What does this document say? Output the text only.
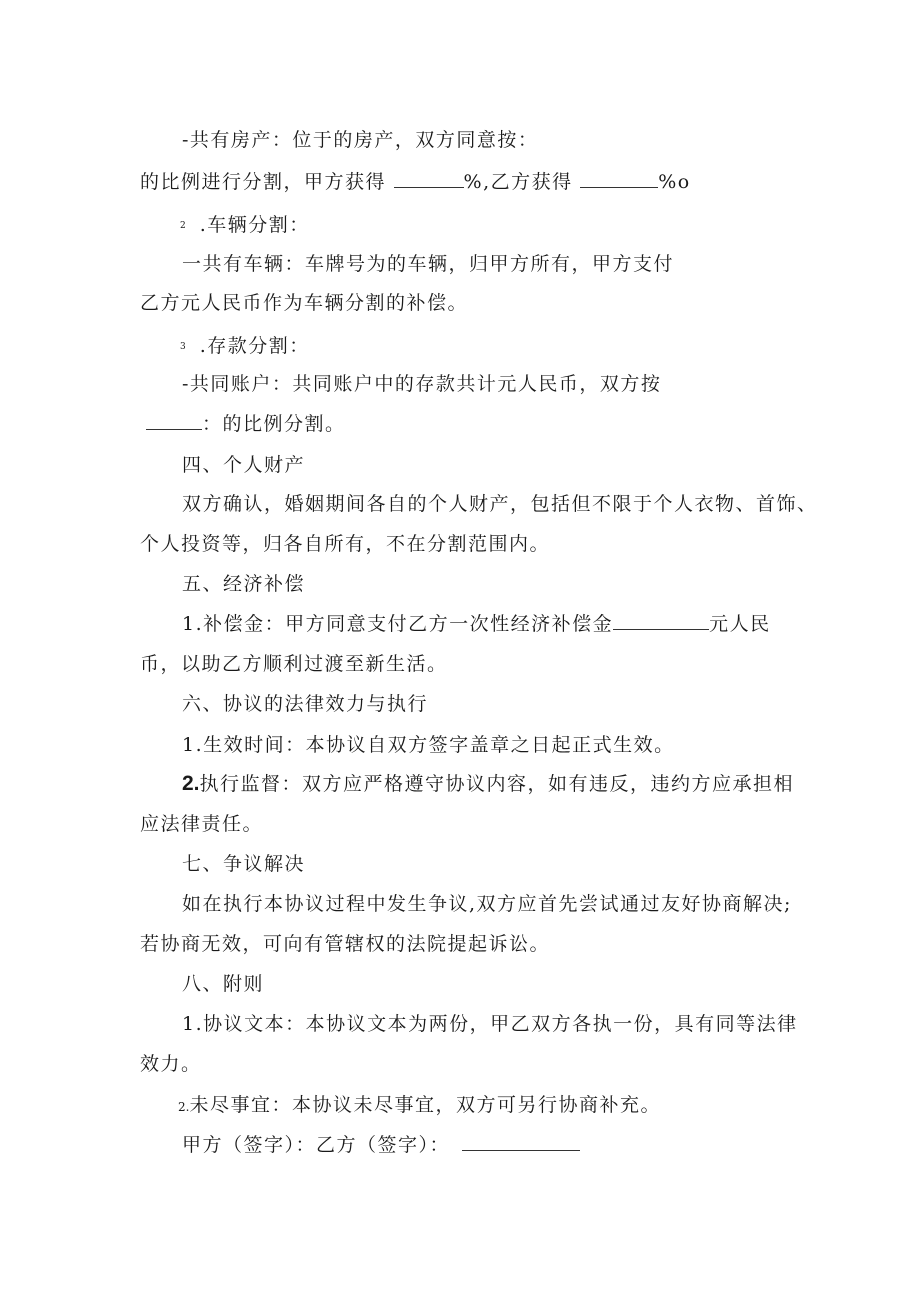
-共有房产：位于的房产，双方同意按：
的比例进行分割，甲方获得	%,乙方获得	%o
2 .车辆分割：
一共有车辆：车牌号为的车辆，归甲方所有，甲方支付
乙方元人民币作为车辆分割的补偿。
3 .存款分割：
-共同账户：共同账户中的存款共计元人民币，双方按
：的比例分割。
四、个人财产
双方确认，婚姻期间各自的个人财产，包括但不限于个人衣物、首饰、
个人投资等，归各自所有，不在分割范围内。
五、经济补偿
1.补偿金：甲方同意支付乙方一次性经济补偿金	元人民
币，以助乙方顺利过渡至新生活。
六、协议的法律效力与执行
1.生效时间：本协议自双方签字盖章之日起正式生效。
2.执行监督：双方应严格遵守协议内容，如有违反，违约方应承担相
应法律责任。
七、争议解决
如在执行本协议过程中发生争议,双方应首先尝试通过友好协商解决;
若协商无效，可向有管辖权的法院提起诉讼。
八、附则
1.协议文本：本协议文本为两份，甲乙双方各执一份，具有同等法律
效力。
2.未尽事宜：本协议未尽事宜，双方可另行协商补充。
甲方（签字）：乙方（签字）：
